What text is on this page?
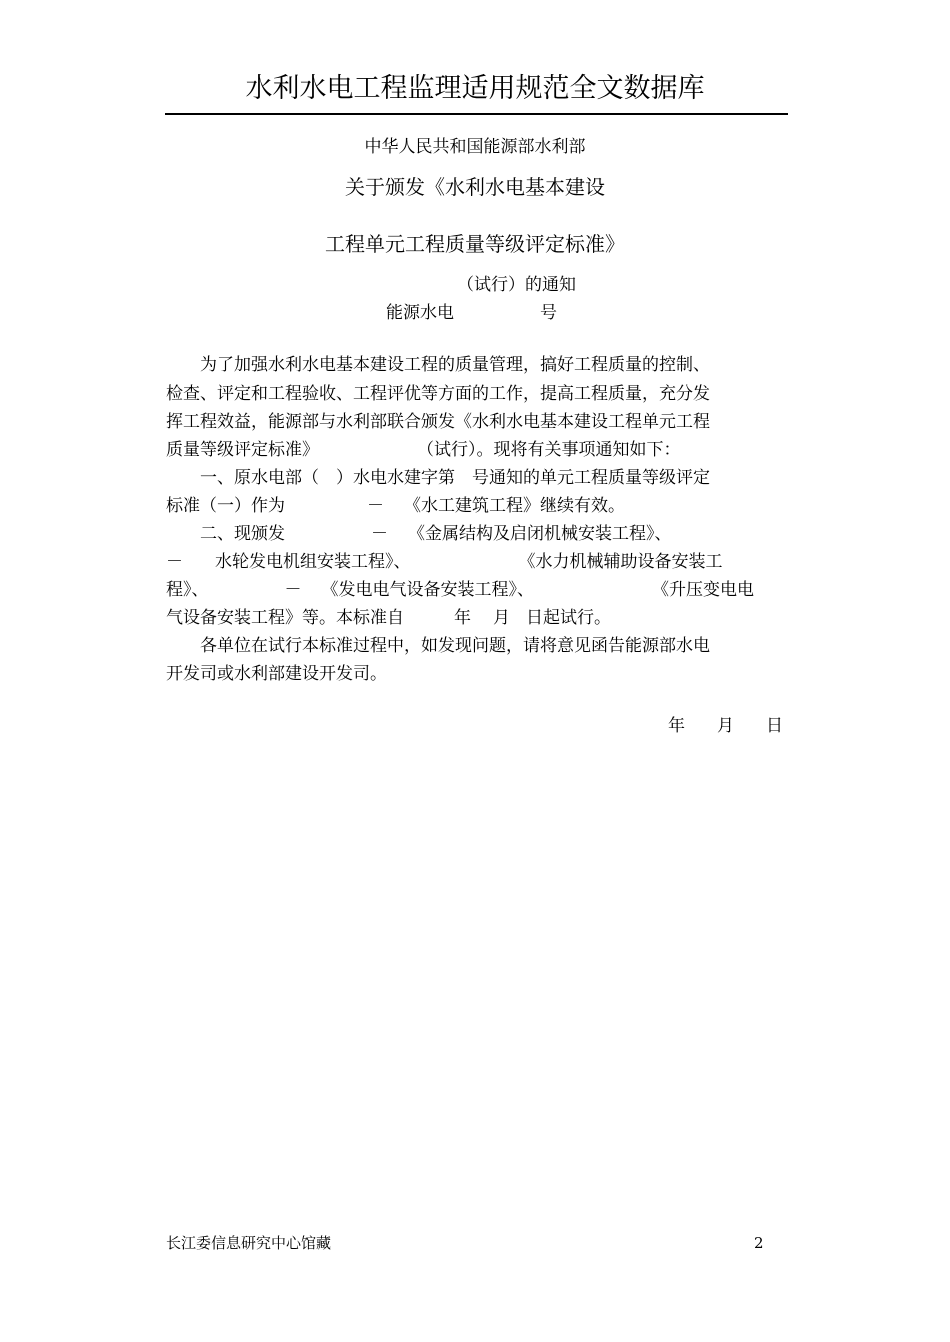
水利水电工程监理适用规范全文数据库
中华人民共和国能源部水利部
关于颁发《水利水电基本建设
工程单元工程质量等级评定标准》
（试行）的通知
能源水电	号
为了加强水利水电基本建设工程的质量管理，搞好工程质量的控制、
检查、评定和工程验收、工程评优等方面的工作，提高工程质量，充分发
挥工程效益，能源部与水利部联合颁发《水利水电基本建设工程单元工程
质量等级评定标准》	（试行）。现将有关事项通知如下：
一、原水电部（　）水电水建字第　号通知的单元工程质量等级评定
标准（一）作为	－ 《水工建筑工程》继续有效。
二、现颁发	－ 《金属结构及启闭机械安装工程》、
－ 水轮发电机组安装工程》、	《水力机械辅助设备安装工
程》、	－ 《发电电气设备安装工程》、	《升压变电电
气设备安装工程》等。本标准自	年 月 日起试行。
各单位在试行本标准过程中，如发现问题，请将意见函告能源部水电
开发司或水利部建设开发司。
年 月 日
长江委信息研究中心馆藏	2
